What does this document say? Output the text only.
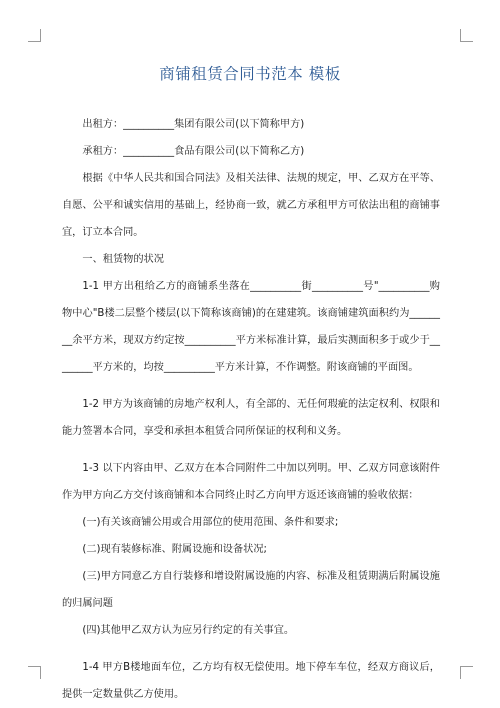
商铺租赁合同书范本 模板

出租方：__________集团有限公司(以下简称甲方)

承租方：__________食品有限公司(以下简称乙方)

根据《中华人民共和国合同法》及相关法律、法规的规定，甲、乙双方在平等、自愿、公平和诚实信用的基础上，经协商一致，就乙方承租甲方可依法出租的商铺事宜，订立本合同。

一、租赁物的状况

1-1 甲方出租给乙方的商铺系坐落在__________街__________号"__________购物中心"B楼二层整个楼层(以下简称该商铺)的在建建筑。该商铺建筑面积约为________余平方米，现双方约定按__________平方米标准计算，最后实测面积多于或少于________平方米的，均按__________平方米计算，不作调整。附该商铺的平面图。

1-2 甲方为该商铺的房地产权利人，有全部的、无任何瑕疵的法定权利、权限和能力签署本合同，享受和承担本租赁合同所保证的权利和义务。

1-3 以下内容由甲、乙双方在本合同附件二中加以列明。甲、乙双方同意该附件作为甲方向乙方交付该商铺和本合同终止时乙方向甲方返还该商铺的验收依据：

(一)有关该商铺公用或合用部位的使用范围、条件和要求;

(二)现有装修标准、附属设施和设备状况;

(三)甲方同意乙方自行装修和增设附属设施的内容、标准及租赁期满后附属设施的归属问题

(四)其他甲乙双方认为应另行约定的有关事宜。

1-4 甲方B楼地面车位，乙方均有权无偿使用。地下停车车位，经双方商议后，提供一定数量供乙方使用。
